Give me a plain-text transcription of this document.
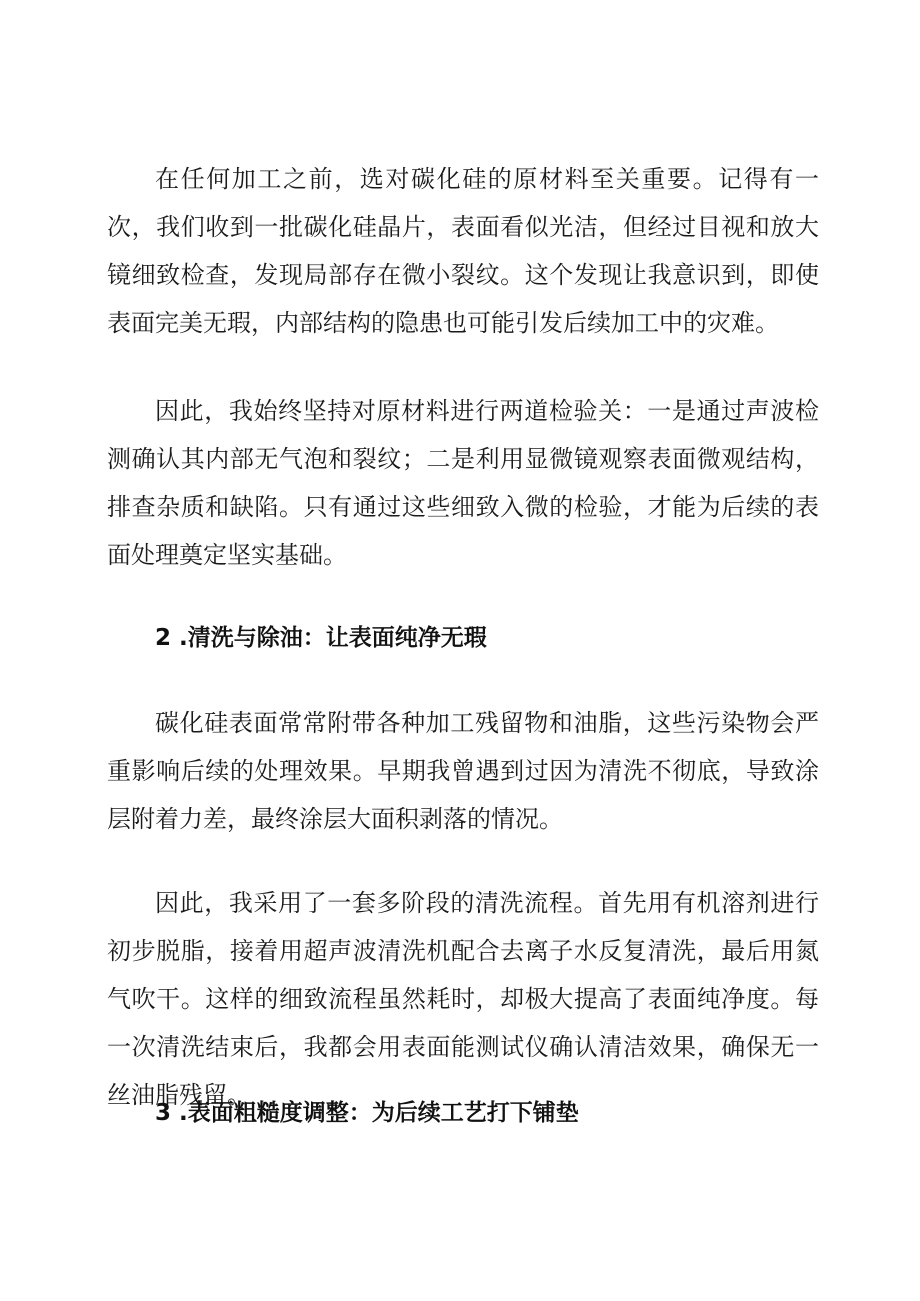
在任何加工之前，选对碳化硅的原材料至关重要。记得有一次，我们收到一批碳化硅晶片，表面看似光洁，但经过目视和放大镜细致检查，发现局部存在微小裂纹。这个发现让我意识到，即使表面完美无瑕，内部结构的隐患也可能引发后续加工中的灾难。

因此，我始终坚持对原材料进行两道检验关：一是通过声波检测确认其内部无气泡和裂纹；二是利用显微镜观察表面微观结构，排查杂质和缺陷。只有通过这些细致入微的检验，才能为后续的表面处理奠定坚实基础。

2 .清洗与除油：让表面纯净无瑕

碳化硅表面常常附带各种加工残留物和油脂，这些污染物会严重影响后续的处理效果。早期我曾遇到过因为清洗不彻底，导致涂层附着力差，最终涂层大面积剥落的情况。

因此，我采用了一套多阶段的清洗流程。首先用有机溶剂进行初步脱脂，接着用超声波清洗机配合去离子水反复清洗，最后用氮气吹干。这样的细致流程虽然耗时，却极大提高了表面纯净度。每一次清洗结束后，我都会用表面能测试仪确认清洁效果，确保无一丝油脂残留。

3 .表面粗糙度调整：为后续工艺打下铺垫
